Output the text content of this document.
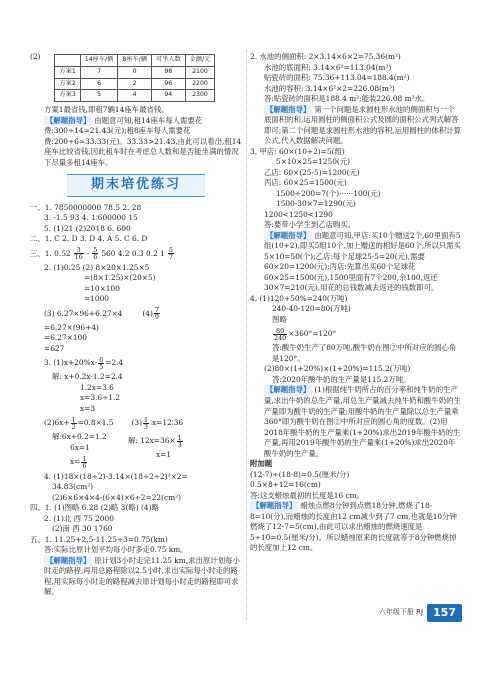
(2)
		14座车/辆	8座车/辆	可坐人数	金额/元
方案1	7	0	98	2100
方案2	6	2	96	2200
方案3	5	4	94	2300
方案1最省钱,即租7辆14座车最省钱。
【解题指导】 由题意可知,租14座车每人需要花费:300÷14≈21.43(元);租8座车每人需要花费:200÷6≈33.33(元)。33.33>21.43,由此可以看出,租14座车比较省钱,因此租车时在考虑总人数和是否能坐满的情况下尽量多租14座车。
期末培优练习
一、1. 7850000000 78.5 2. 28
3. -1.5 93 4. 1∶600000 15
5. (1)21 (2)2018 6. 600
二、1. C 2. D 3. D 4. A 5. C 6. D
三、1. $0.52 \frac{3}{16} - \frac{5}{6} 560$ 4.2 0.3 0.2 $1 \frac{5}{7}$
2. (1)0.25 (2) 8×20×1.25×5
=(8×1.25)×(20×5)
=10×100
=1000
(3) 6.27×96+6.27×4	$(4) \frac{7}{9}$
=6.27×(96+4)
=6.27×100
=627
3. $(1)x+20\%x- \frac{6}{5} =2.4$
解: x+0.2x-1.2=2.4
1.2x=3.6
x=3.6÷1.2
x=3
$(2)6x+ \frac{1}{2} =0.8\times 1.5$ $(3) \frac{1}{3}$ ∶x=12∶36
解:6x+0.2=1.2
6x=1
$x= \frac{1}{6}$
解: $12x=36\times \frac{1}{3}$
x=1
4. (1)18×(18÷2)-3.14×(18÷2÷2)²×2=
34.83(cm²)
(2)6×6×4×4-(6×4)×6÷2=22(cm²)
四、1. (1)图略 6.28 (2)略 3(略) (4)略
2. (1)北 西 75 2000
(2)南 西 30 1760
五、1. 11.25+2.5-11.25÷3=0.75(km)
答:实际比原计划平均每小时多走0.75 km。
【解题指导】 原计划3小时走完11.25 km,求出原计划每小时走的路程,再用总路程除以2.5小时,求出实际每小时走的路程,用实际每小时走的路程减去原计划每小时走的路程即可求解。
2. 水池的侧面积: 2×3.14×6×2=75.36(m²)
水池的底面积: 3.14×6²=113.04(m²)
贴瓷砖的面积: 75.36+113.04=188.4(m²)
水池的容积: 3.14×6²×2=226.08(m³)
答:贴瓷砖的面积是188.4 m²;能装226.08 m³水。
【解题指导】 第一个问题是求圆柱形水池的侧面积与一个底面积的和,运用圆柱的侧面积公式及圆的面积公式列式解答即可;第二个问题是求圆柱形水池的容积,运用圆柱的体积计算公式,代入数据解决问题。
3. 甲店: 60×(10+2)=5(组)
5×10×25=1250(元)
乙店: 60×(25-5)=1200(元)
丙店: 60×25=1500(元)
1500÷200=7(个)······100(元)
1500-30×7=1290(元)
1200<1250<1290
答:要带小学生到乙店购买。
【解题指导】 由题意可知,甲店:买10个赠送2个,60里面有5组(10+2),即买5组10个,加上赠送的相好是60个,所以只需买5×10=50(个);乙店:每个足球25-5=20(元),需要60×20=1200(元);丙店:先算出买60个足球花60×25=1500(元),1500里面有7个200,余100,返还30×7=210(元),用花的总钱数减去返还的钱数即可。
4. (1)120+50%=240(万吨)
240-40-120=80(万吨)
图略
$\frac{80}{240} \times 360^\circ=120^\circ$
答:酸牛奶生产了80万吨,酸牛奶在图②中所对应的圆心角是120°。
(2)80×(1+20%)×(1+20%)=115.2(万吨)
答:2020年酸牛奶的生产量是115.2万吨。
【解题指导】 (1)根据纯牛奶所占的百分率和纯牛奶的生产量,求出牛奶的总生产量,用总生产量减去纯牛奶和酸牛奶的生产量即为酸牛奶的生产量;用酸牛奶的生产量除以总生产量乘360°即为酸牛奶在图②中所对应的圆心角的度数。(2)用2018年酸牛奶的生产量乘(1+20%)求出2019年酸牛奶的生产量,再用2019年酸牛奶的生产量乘(1+20%)求出2020年酸牛奶的生产量。
附加题
(12-7)÷(18-8)=0.5(厘米/分)
0.5×8+12=16(cm)
答:这支蜡烛最初的长度是16 cm。
【解题指导】 蜡烛点燃8分钟到点燃18分钟,燃烧了18-8=10(分),而蜡烛的长度由12 cm减少到了7 cm,也就是10分钟燃烧了12-7=5(cm),由此可以求出蜡烛的燃烧速度是5÷10=0.5(厘米/分)。所以蜡烛原来的长度就等于8分钟燃烧掉的长度加上12 cm。
六年级下册 RJ 157
